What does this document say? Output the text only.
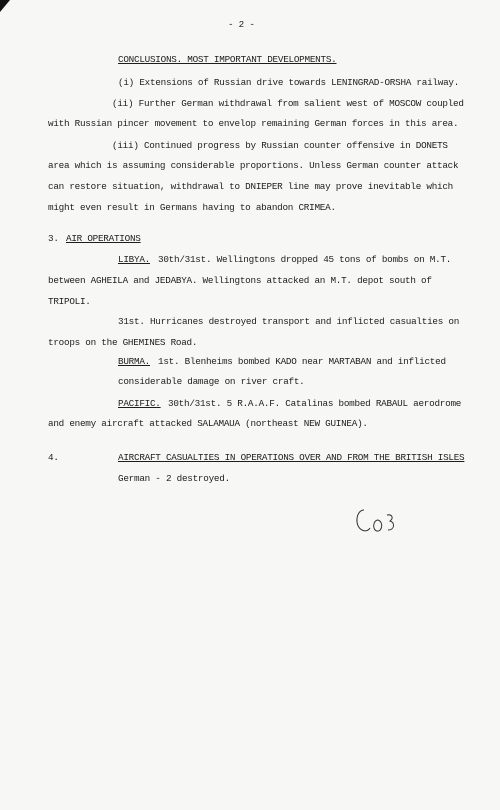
- 2 -
CONCLUSIONS. MOST IMPORTANT DEVELOPMENTS.
(i) Extensions of Russian drive towards LENINGRAD-ORSHA railway.
(ii) Further German withdrawal from salient west of MOSCOW coupled
with Russian pincer movement to envelop remaining German forces in this area.
(iii) Continued progress by Russian counter offensive in DONETS
area which is assuming considerable proportions. Unless German counter attack
can restore situation, withdrawal to DNIEPER line may prove inevitable which
might even result in Germans having to abandon CRIMEA.
3. AIR OPERATIONS
LIBYA. 30th/31st. Wellingtons dropped 45 tons of bombs on M.T.
between AGHEILA and JEDABYA. Wellingtons attacked an M.T. depot south of
TRIPOLI.
31st. Hurricanes destroyed transport and inflicted casualties on
troops on the GHEMINES Road.
BURMA. 1st. Blenheims bombed KADO near MARTABAN and inflicted
considerable damage on river craft.
PACIFIC. 30th/31st. 5 R.A.A.F. Catalinas bombed RABAUL aerodrome
and enemy aircraft attacked SALAMAUA (northeast NEW GUINEA).
4.	AIRCRAFT CASUALTIES IN OPERATIONS OVER AND FROM THE BRITISH ISLES
German - 2 destroyed.
